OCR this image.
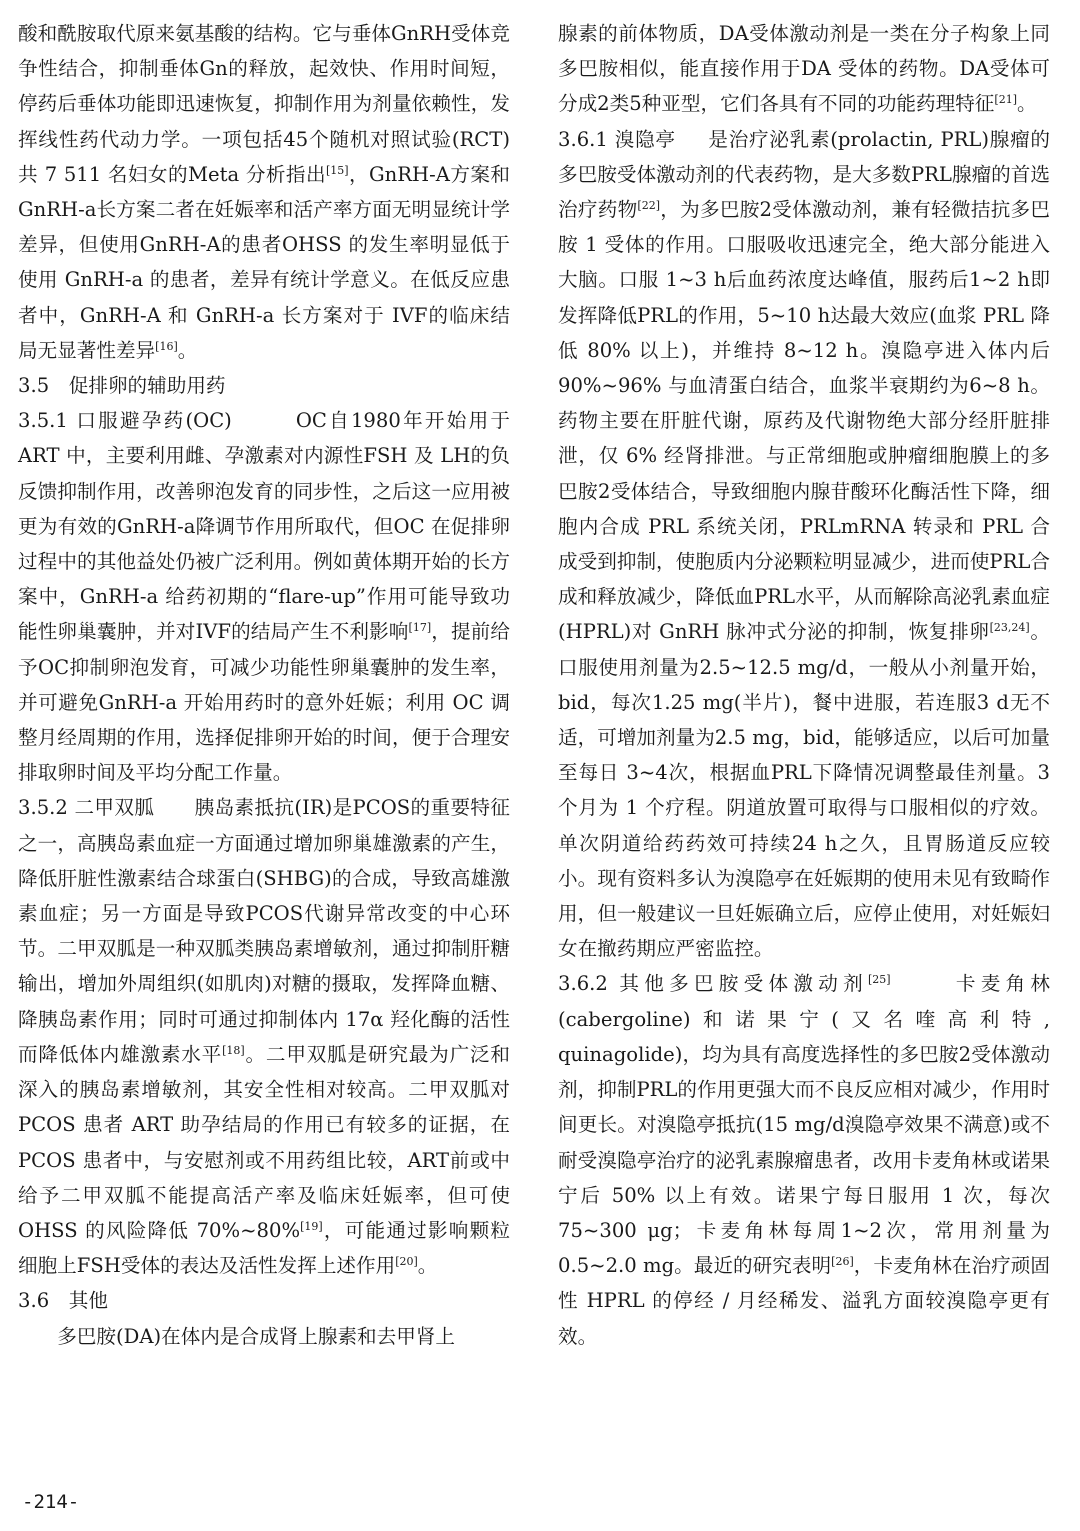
酸和酰胺取代原来氨基酸的结构。它与垂体GnRH受体竞争性结合，抑制垂体Gn的释放，起效快、作用时间短，停药后垂体功能即迅速恢复，抑制作用为剂量依赖性，发挥线性药代动力学。一项包括45个随机对照试验(RCT)共 7 511 名妇女的Meta 分析指出[15]，GnRH-A方案和GnRH-a长方案二者在妊娠率和活产率方面无明显统计学差异，但使用GnRH-A的患者OHSS 的发生率明显低于使用 GnRH-a 的患者，差异有统计学意义。在低反应患者中，GnRH-A 和 GnRH-a 长方案对于 IVF的临床结局无显著性差异[16]。

3.5　促排卵的辅助用药

3.5.1 口服避孕药(OC)	OC自1980年开始用于ART 中，主要利用雌、孕激素对内源性FSH 及 LH的负反馈抑制作用，改善卵泡发育的同步性，之后这一应用被更为有效的GnRH-a降调节作用所取代，但OC 在促排卵过程中的其他益处仍被广泛利用。例如黄体期开始的长方案中，GnRH-a 给药初期的“flare-up”作用可能导致功能性卵巢囊肿，并对IVF的结局产生不利影响[17]，提前给予OC抑制卵泡发育，可减少功能性卵巢囊肿的发生率，并可避免GnRH-a 开始用药时的意外妊娠；利用 OC 调整月经周期的作用，选择促排卵开始的时间，便于合理安排取卵时间及平均分配工作量。

3.5.2 二甲双胍 胰岛素抵抗(IR)是PCOS的重要特征之一，高胰岛素血症一方面通过增加卵巢雄激素的产生，降低肝脏性激素结合球蛋白(SHBG)的合成，导致高雄激素血症；另一方面是导致PCOS代谢异常改变的中心环节。二甲双胍是一种双胍类胰岛素增敏剂，通过抑制肝糖输出，增加外周组织(如肌肉)对糖的摄取，发挥降血糖、降胰岛素作用；同时可通过抑制体内 17α 羟化酶的活性而降低体内雄激素水平[18]。二甲双胍是研究最为广泛和深入的胰岛素增敏剂，其安全性相对较高。二甲双胍对PCOS 患者 ART 助孕结局的作用已有较多的证据，在 PCOS 患者中，与安慰剂或不用药组比较，ART前或中给予二甲双胍不能提高活产率及临床妊娠率，但可使 OHSS 的风险降低 70%~80%[19]，可能通过影响颗粒细胞上FSH受体的表达及活性发挥上述作用[20]。

3.6　其他

多巴胺(DA)在体内是合成肾上腺素和去甲肾上

腺素的前体物质，DA受体激动剂是一类在分子构象上同多巴胺相似，能直接作用于DA 受体的药物。DA受体可分成2类5种亚型，它们各具有不同的功能药理特征[21]。

3.6.1 溴隐亭 是治疗泌乳素(prolactin, PRL)腺瘤的多巴胺受体激动剂的代表药物，是大多数PRL腺瘤的首选治疗药物[22]，为多巴胺2受体激动剂，兼有轻微拮抗多巴胺 1 受体的作用。口服吸收迅速完全，绝大部分能进入大脑。口服 1~3 h后血药浓度达峰值，服药后1~2 h即发挥降低PRL的作用，5~10 h达最大效应(血浆 PRL 降低 80% 以上)，并维持 8~12 h。溴隐亭进入体内后 90%~96% 与血清蛋白结合，血浆半衰期约为6~8 h。药物主要在肝脏代谢，原药及代谢物绝大部分经肝脏排泄，仅 6% 经肾排泄。与正常细胞或肿瘤细胞膜上的多巴胺2受体结合，导致细胞内腺苷酸环化酶活性下降，细胞内合成 PRL 系统关闭，PRLmRNA 转录和 PRL 合成受到抑制，使胞质内分泌颗粒明显减少，进而使PRL合成和释放减少，降低血PRL水平，从而解除高泌乳素血症(HPRL)对 GnRH 脉冲式分泌的抑制，恢复排卵[23,24]。口服使用剂量为2.5~12.5 mg/d，一般从小剂量开始，bid，每次1.25 mg(半片)，餐中进服，若连服3 d无不适，可增加剂量为2.5 mg，bid，能够适应，以后可加量至每日 3~4次，根据血PRL下降情况调整最佳剂量。3 个月为 1 个疗程。阴道放置可取得与口服相似的疗效。单次阴道给药药效可持续24 h之久，且胃肠道反应较小。现有资料多认为溴隐亭在妊娠期的使用未见有致畸作用，但一般建议一旦妊娠确立后，应停止使用，对妊娠妇女在撤药期应严密监控。

3.6.2 其他多巴胺受体激动剂[25]	卡麦角林(cabergoline)和诺果宁(又名喹高利特, quinagolide)，均为具有高度选择性的多巴胺2受体激动剂，抑制PRL的作用更强大而不良反应相对减少，作用时间更长。对溴隐亭抵抗(15 mg/d溴隐亭效果不满意)或不耐受溴隐亭治疗的泌乳素腺瘤患者，改用卡麦角林或诺果宁后 50% 以上有效。诺果宁每日服用 1 次，每次75~300 μg；卡麦角林每周1~2次，常用剂量为 0.5~2.0 mg。最近的研究表明[26]，卡麦角林在治疗顽固性 HPRL 的停经 / 月经稀发、溢乳方面较溴隐亭更有效。

-214-
